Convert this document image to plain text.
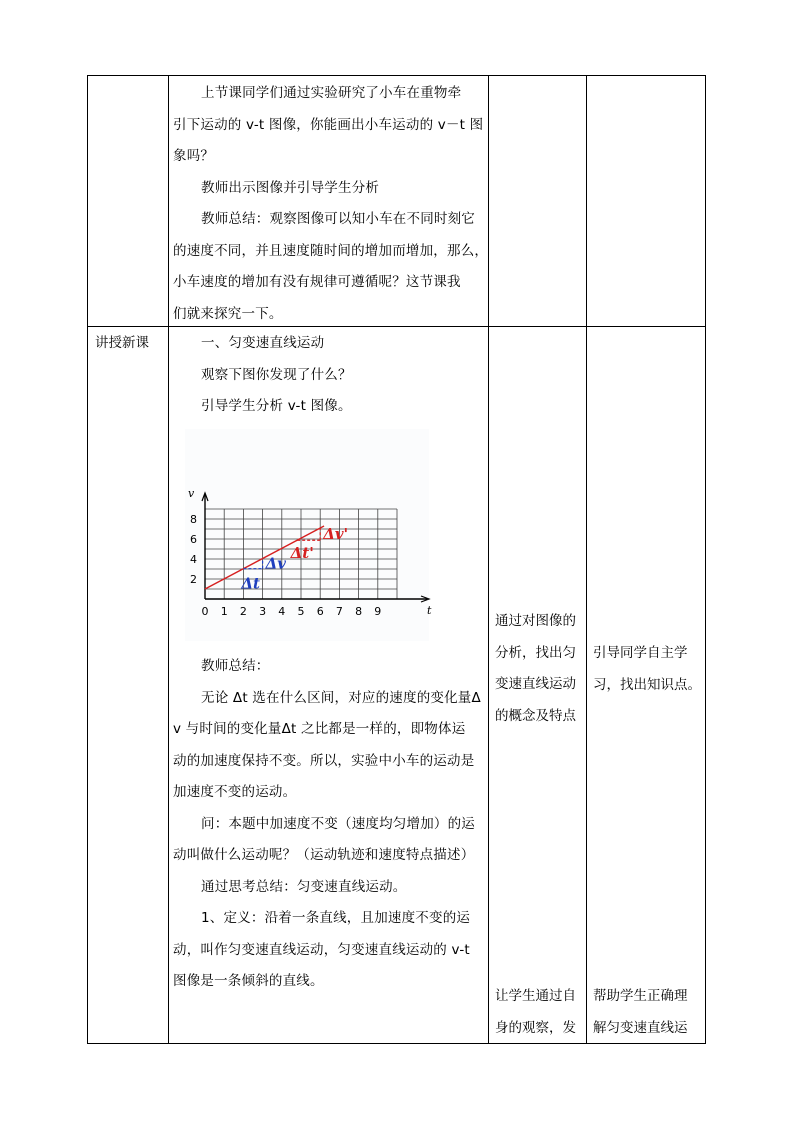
上节课同学们通过实验研究了小车在重物牵

引下运动的 v-t 图像，你能画出小车运动的 v－t 图

象吗？

教师出示图像并引导学生分析

教师总结：观察图像可以知小车在不同时刻它

的速度不同，并且速度随时间的增加而增加，那么，

小车速度的增加有没有规律可遵循呢？这节课我

们就来探究一下。

讲授新课	一、匀变速直线运动

观察下图你发现了什么？

引导学生分析 v-t 图像。

v
t
0 1 2 3 4 5 6 7 8 9
2
4
6
8
Δv
Δt
Δv'
Δt'

教师总结：

无论 Δt 选在什么区间，对应的速度的变化量Δ

v 与时间的变化量Δt 之比都是一样的，即物体运

动的加速度保持不变。所以，实验中小车的运动是

加速度不变的运动。

问：本题中加速度不变（速度均匀增加）的运

动叫做什么运动呢？（运动轨迹和速度特点描述）

通过思考总结：匀变速直线运动。

1、定义：沿着一条直线，且加速度不变的运

动，叫作匀变速直线运动，匀变速直线运动的 v-t

图像是一条倾斜的直线。

通过对图像的

分析，找出匀

变速直线运动

的概念及特点

引导同学自主学

习，找出知识点。

让学生通过自

身的观察，发

帮助学生正确理

解匀变速直线运
